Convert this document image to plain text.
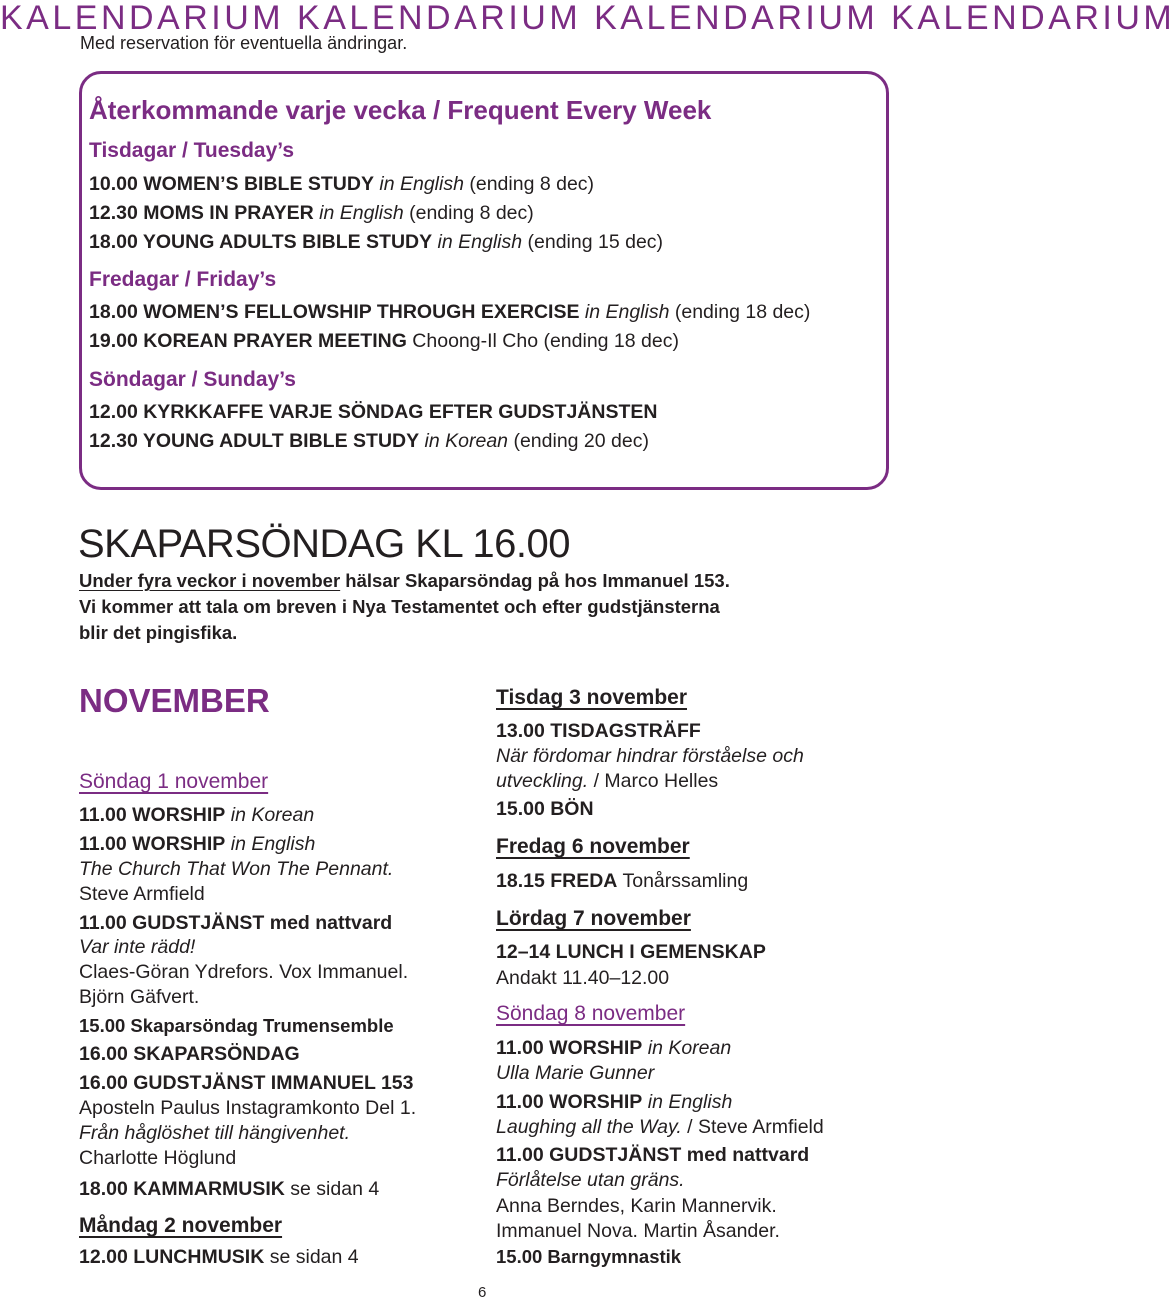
KALENDARIUM KALENDARIUM KALENDARIUM KALENDARIUM
Med reservation för eventuella ändringar.
Återkommande varje vecka / Frequent Every Week
Tisdagar / Tuesday’s
10.00 WOMEN’S BIBLE STUDY in English (ending 8 dec)
12.30 MOMS IN PRAYER in English (ending 8 dec)
18.00 YOUNG ADULTS BIBLE STUDY in English (ending 15 dec)
Fredagar / Friday’s
18.00 WOMEN’S FELLOWSHIP THROUGH EXERCISE in English (ending 18 dec)
19.00 KOREAN PRAYER MEETING Choong-Il Cho (ending 18 dec)
Söndagar / Sunday’s
12.00 KYRKKAFFE VARJE SÖNDAG EFTER GUDSTJÄNSTEN
12.30 YOUNG ADULT BIBLE STUDY in Korean (ending 20 dec)
SKAPARSÖNDAG KL 16.00
Under fyra veckor i november hälsar Skaparsöndag på hos Immanuel 153.
Vi kommer att tala om breven i Nya Testamentet och efter gudstjänsterna
blir det pingisfika.
NOVEMBER
Söndag 1 november
11.00 WORSHIP in Korean
11.00 WORSHIP in English
The Church That Won The Pennant.
Steve Armfield
11.00 GUDSTJÄNST med nattvard
Var inte rädd!
Claes-Göran Ydrefors. Vox Immanuel.
Björn Gäfvert.
15.00 Skaparsöndag Trumensemble
16.00 SKAPARSÖNDAG
16.00 GUDSTJÄNST IMMANUEL 153
Aposteln Paulus Instagramkonto Del 1.
Från håglöshet till hängivenhet.
Charlotte Höglund
18.00 KAMMARMUSIK se sidan 4
Måndag 2 november
12.00 LUNCHMUSIK se sidan 4
Tisdag 3 november
13.00 TISDAGSTRÄFF
När fördomar hindrar förståelse och
utveckling. / Marco Helles
15.00 BÖN
Fredag 6 november
18.15 FREDA Tonårssamling
Lördag 7 november
12–14 LUNCH I GEMENSKAP
Andakt 11.40–12.00
Söndag 8 november
11.00 WORSHIP in Korean
Ulla Marie Gunner
11.00 WORSHIP in English
Laughing all the Way. / Steve Armfield
11.00 GUDSTJÄNST med nattvard
Förlåtelse utan gräns.
Anna Berndes, Karin Mannervik.
Immanuel Nova. Martin Åsander.
15.00 Barngymnastik
6
